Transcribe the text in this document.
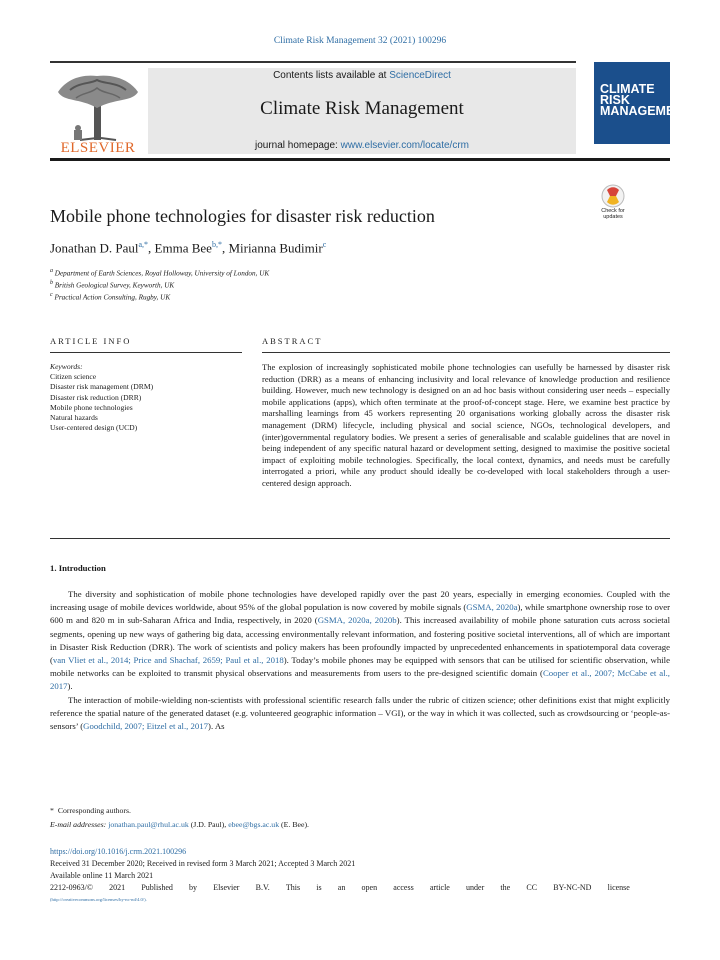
Climate Risk Management 32 (2021) 100296
ELSEVIER
Contents lists available at ScienceDirect
Climate Risk Management
journal homepage: www.elsevier.com/locate/crm
CLIMATE RISK
MANAGEMENT
Mobile phone technologies for disaster risk reduction	Check for
updates
Jonathan D. Paul$^{a,*}$, Emma Bee$^{b,*}$, Mirianna Budimir$^c$
$^a$ Department of Earth Sciences, Royal Holloway, University of London, UK
$^b$ British Geological Survey, Keyworth, UK
$^c$ Practical Action Consulting, Rugby, UK
ARTICLE INFO	ABSTRACT
Keywords:
Citizen science
Disaster risk management (DRM)
Disaster risk reduction (DRR)
Mobile phone technologies
Natural hazards
User-centered design (UCD)
The explosion of increasingly sophisticated mobile phone technologies can usefully be harnessed by disaster risk reduction (DRR) as a means of enhancing inclusivity and local relevance of knowledge production and resilience building. However, much new technology is designed on an ad hoc basis without considering user needs – especially mobile applications (apps), which often terminate at the proof-of-concept stage. Here, we examine best practice by marshalling learnings from 45 workers representing 20 organisations working globally across the disaster risk management (DRM) lifecycle, including physical and social science, NGOs, technological developers, and (inter)governmental regulatory bodies. We present a series of generalisable and scalable guidelines that are novel in being independent of any specific natural hazard or development setting, designed to maximise the positive societal impact of exploiting mobile technologies. Specifically, the local context, dynamics, and needs must be carefully interrogated a priori, while any product should ideally be co-developed with local stakeholders through a user-centered design approach.
1. Introduction

The diversity and sophistication of mobile phone technologies have developed rapidly over the past 20 years, especially in emerging economies. Coupled with the increasing usage of mobile devices worldwide, about 95% of the global population is now covered by mobile signals (GSMA, 2020a), while smartphone ownership rose to over 600 m and 820 m in sub-Saharan Africa and India, respectively, in 2020 (GSMA, 2020a, 2020b). This increased availability of mobile phone saturation cuts across societal segments, opening up new ways of gathering big data, accessing environmentally relevant information, and fostering positive societal interventions, all of which are important in Disaster Risk Reduction (DRR). The work of scientists and policy makers has been profoundly impacted by unprecedented enhancements in spatiotemporal data coverage (van Vliet et al., 2014; Price and Shachaf, 2659; Paul et al., 2018). Today’s mobile phones may be equipped with sensors that can be utilised for scientific observation, while mobile networks can be exploited to transmit physical observations and measurements from users to the pre-designed scientific domain (Cooper et al., 2007; McCabe et al., 2017).

The interaction of mobile-wielding non-scientists with professional scientific research falls under the rubric of citizen science; other definitions exist that might explicitly reference the spatial nature of the generated dataset (e.g. volunteered geographic information – VGI), or the way in which it was collected, such as crowdsourcing or ‘people-as-sensors’ (Goodchild, 2007; Eitzel et al., 2017). As

* Corresponding authors.
E-mail addresses: jonathan.paul@rhul.ac.uk (J.D. Paul), ebee@bgs.ac.uk (E. Bee).
https://doi.org/10.1016/j.crm.2021.100296
Received 31 December 2020; Received in revised form 3 March 2021; Accepted 3 March 2021
Available online 11 March 2021
2212-0963/© 2021 Published by Elsevier B.V. This is an open access article under the CC BY-NC-ND license
(http://creativecommons.org/licenses/by-nc-nd/4.0/).
